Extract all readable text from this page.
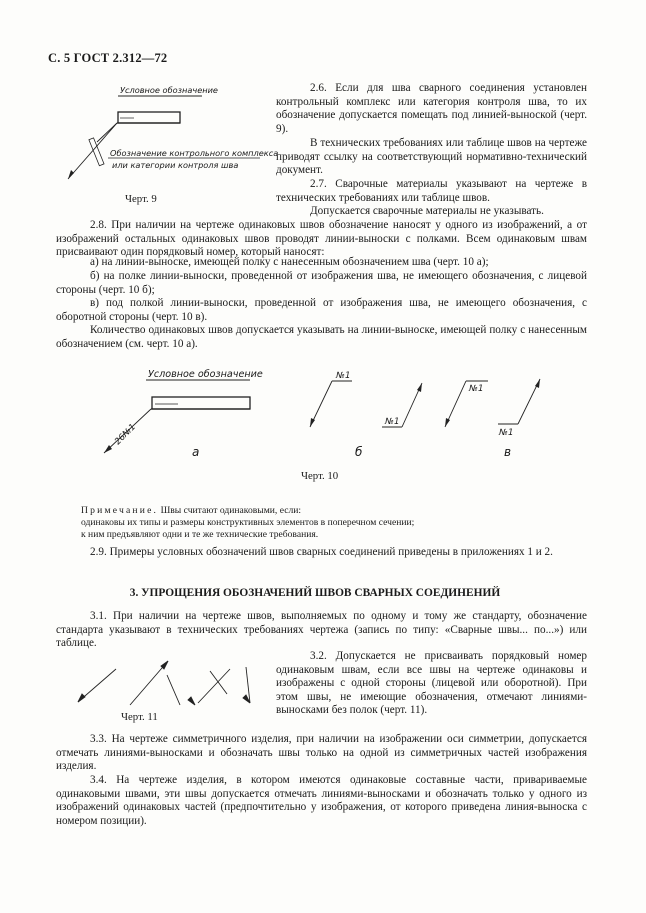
С. 5 ГОСТ 2.312—72
Условное обозначение
Обозначение контрольного комплекса
или категории контроля шва
Черт. 9
2.6. Если для шва сварного соединения установлен контрольный комплекс или категория контроля шва, то их обозначение допускается помещать под линией-выноской (черт. 9).
В технических требованиях или таблице швов на чертеже приводят ссылку на соответствующий нормативно-технический документ.
2.7. Сварочные материалы указывают на чертеже в технических требованиях или таблице швов.
Допускается сварочные материалы не указывать.
2.8. При наличии на чертеже одинаковых швов обозначение наносят у одного из изображений, а от изображений остальных одинаковых швов проводят линии-выноски с полками. Всем одинаковым швам присваивают один порядковый номер, который наносят:
а) на линии-выноске, имеющей полку с нанесенным обозначением шва (черт. 10 а);
б) на полке линии-выноски, проведенной от изображения шва, не имеющего обозначения, с лицевой стороны (черт. 10 б);
в) под полкой линии-выноски, проведенной от изображения шва, не имеющего обозначения, с оборотной стороны (черт. 10 в).
Количество одинаковых швов допускается указывать на линии-выноске, имеющей полку с нанесенным обозначением (см. черт. 10 а).
Условное обозначение
26№1
а
№1
№1
б
№1
№1
в
Черт. 10
Примечание. Швы считают одинаковыми, если:
одинаковы их типы и размеры конструктивных элементов в поперечном сечении;
к ним предъявляют одни и те же технические требования.
2.9. Примеры условных обозначений швов сварных соединений приведены в приложениях 1 и 2.
3. УПРОЩЕНИЯ ОБОЗНАЧЕНИЙ ШВОВ СВАРНЫХ СОЕДИНЕНИЙ
3.1. При наличии на чертеже швов, выполняемых по одному и тому же стандарту, обозначение стандарта указывают в технических требованиях чертежа (запись по типу: «Сварные швы... по...») или таблице.
Черт. 11
3.2. Допускается не присваивать порядковый номер одинаковым швам, если все швы на чертеже одинаковы и изображены с одной стороны (лицевой или оборотной). При этом швы, не имеющие обозначения, отмечают линиями-выносками без полок (черт. 11).
3.3. На чертеже симметричного изделия, при наличии на изображении оси симметрии, допускается отмечать линиями-выносками и обозначать швы только на одной из симметричных частей изображения изделия.
3.4. На чертеже изделия, в котором имеются одинаковые составные части, привариваемые одинаковыми швами, эти швы допускается отмечать линиями-выносками и обозначать только у одного из изображений одинаковых частей (предпочтительно у изображения, от которого приведена линия-выноска с номером позиции).
